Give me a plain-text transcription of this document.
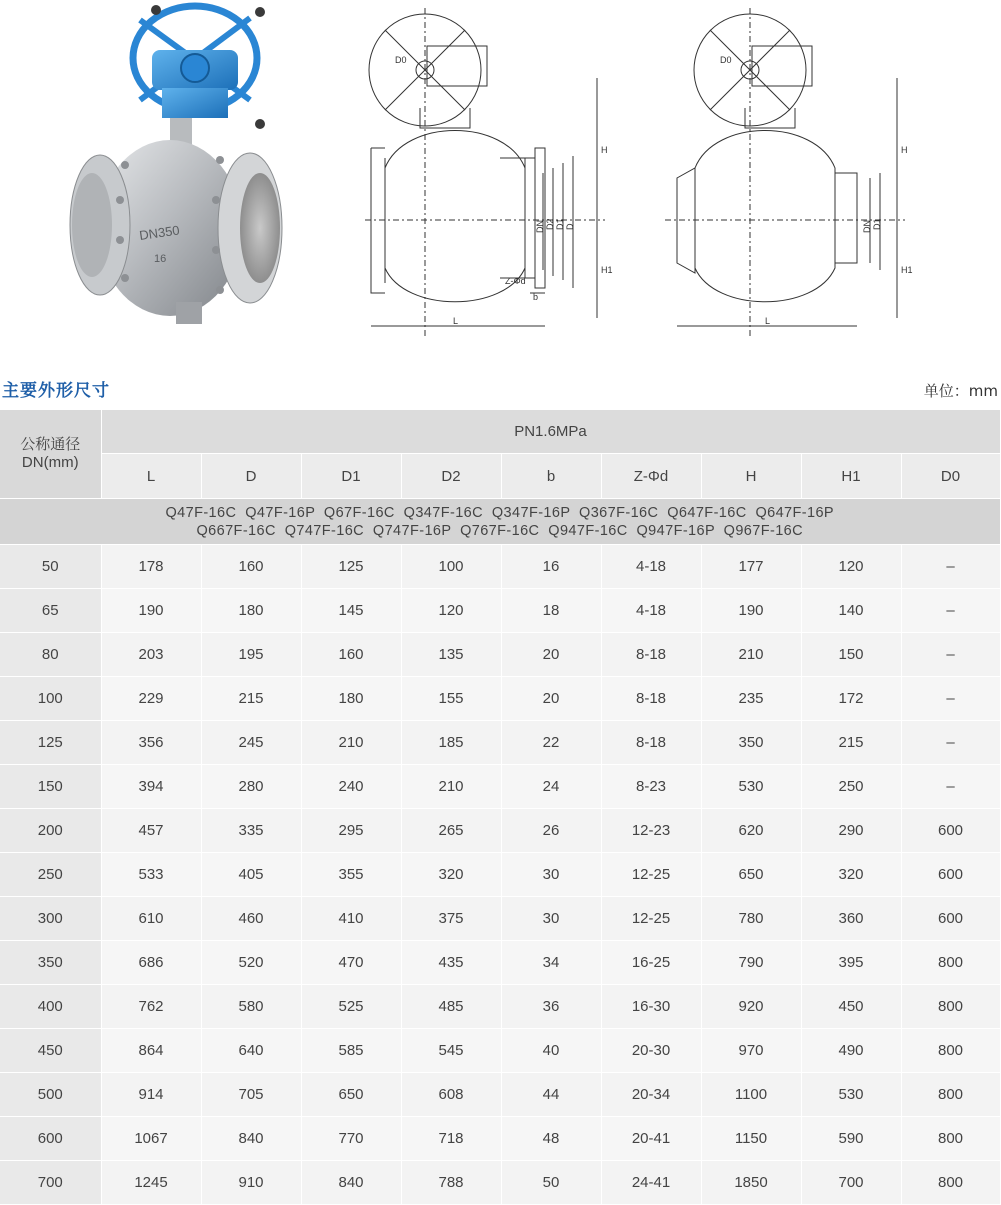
DN350
16
D0
H
H1
DN D2 D1 D
Z-Φd
b
L
D0
H
H1
DN D1
L
主要外形尺寸	单位：mm
公称通径
DN(mm)	PN1.6MPa								
	L	D	D1	D2	b	Z-Φd	H	H1	D0

Q47F-16C  Q47F-16P  Q67F-16C  Q347F-16C  Q347F-16P  Q367F-16C  Q647F-16C  Q647F-16P
Q667F-16C  Q747F-16C  Q747F-16P  Q767F-16C  Q947F-16C  Q947F-16P  Q967F-16C									

50	178	160	125	100	16	4-18	177	120	–
65	190	180	145	120	18	4-18	190	140	–
80	203	195	160	135	20	8-18	210	150	–
100	229	215	180	155	20	8-18	235	172	–
125	356	245	210	185	22	8-18	350	215	–
150	394	280	240	210	24	8-23	530	250	–
200	457	335	295	265	26	12-23	620	290	600
250	533	405	355	320	30	12-25	650	320	600
300	610	460	410	375	30	12-25	780	360	600
350	686	520	470	435	34	16-25	790	395	800
400	762	580	525	485	36	16-30	920	450	800
450	864	640	585	545	40	20-30	970	490	800
500	914	705	650	608	44	20-34	1100	530	800
600	1067	840	770	718	48	20-41	1150	590	800
700	1245	910	840	788	50	24-41	1850	700	800
